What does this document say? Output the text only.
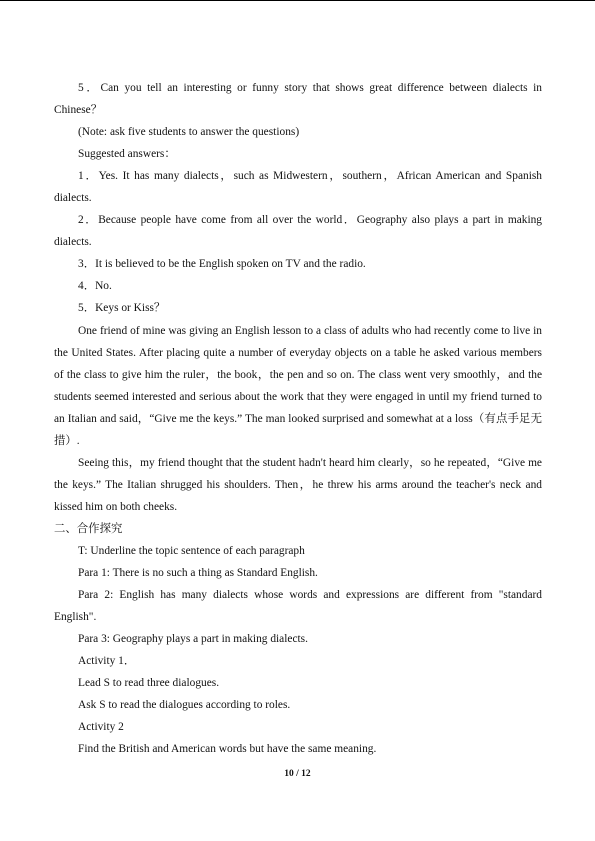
5．Can you tell an interesting or funny story that shows great difference between dialects in Chinese？

(Note: ask five students to answer the questions)

Suggested answers：

1．Yes. It has many dialects，such as Midwestern，southern，African American and Spanish dialects.

2．Because people have come from all over the world．Geography also plays a part in making dialects.

3．It is believed to be the English spoken on TV and the radio.

4．No.

5．Keys or Kiss？

One friend of mine was giving an English lesson to a class of adults who had recently come to live in the United States. After placing quite a number of everyday objects on a table he asked various members of the class to give him the ruler，the book，the pen and so on. The class went very smoothly，and the students seemed interested and serious about the work that they were engaged in until my friend turned to an Italian and said，“Give me the keys.” The man looked surprised and somewhat at a loss（有点手足无措）.

Seeing this，my friend thought that the student hadn't heard him clearly，so he repeated，“Give me the keys.” The Italian shrugged his shoulders. Then，he threw his arms around the teacher's neck and kissed him on both cheeks.

二、合作探究

T: Underline the topic sentence of each paragraph

Para 1: There is no such a thing as Standard English.

Para 2: English has many dialects whose words and expressions are different from "standard English".

Para 3: Geography plays a part in making dialects.

Activity 1．

Lead S to read three dialogues.

Ask S to read the dialogues according to roles.

Activity 2

Find the British and American words but have the same meaning.

10 / 12
